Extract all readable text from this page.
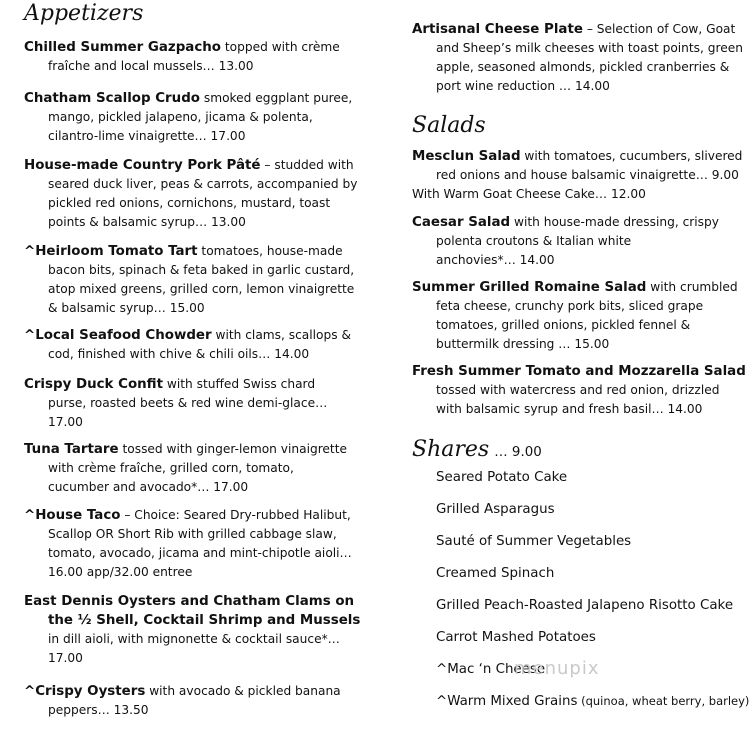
Appetizers
Chilled Summer Gazpacho topped with crème
fraîche and local mussels… 13.00
Chatham Scallop Crudo smoked eggplant puree,
mango, pickled jalapeno, jicama & polenta,
cilantro-lime vinaigrette… 17.00
House-made Country Pork Pâté – studded with
seared duck liver, peas & carrots, accompanied by
pickled red onions, cornichons, mustard, toast
points & balsamic syrup… 13.00
^Heirloom Tomato Tart tomatoes, house-made
bacon bits, spinach & feta baked in garlic custard,
atop mixed greens, grilled corn, lemon vinaigrette
& balsamic syrup… 15.00
^Local Seafood Chowder with clams, scallops &
cod, finished with chive & chili oils… 14.00
Crispy Duck Confit with stuffed Swiss chard
purse, roasted beets & red wine demi-glace…
17.00
Tuna Tartare tossed with ginger-lemon vinaigrette
with crème fraîche, grilled corn, tomato,
cucumber and avocado*… 17.00
^House Taco – Choice: Seared Dry-rubbed Halibut,
Scallop OR Short Rib with grilled cabbage slaw,
tomato, avocado, jicama and mint-chipotle aioli…
16.00 app/32.00 entree
East Dennis Oysters and Chatham Clams on
the ½ Shell, Cocktail Shrimp and Mussels
in dill aioli, with mignonette & cocktail sauce*…
17.00
^Crispy Oysters with avocado & pickled banana
peppers… 13.50
Artisanal Cheese Plate – Selection of Cow, Goat
and Sheep’s milk cheeses with toast points, green
apple, seasoned almonds, pickled cranberries &
port wine reduction … 14.00
Salads
Mesclun Salad with tomatoes, cucumbers, slivered
red onions and house balsamic vinaigrette… 9.00
With Warm Goat Cheese Cake… 12.00
Caesar Salad with house-made dressing, crispy
polenta croutons & Italian white
anchovies*… 14.00
Summer Grilled Romaine Salad with crumbled
feta cheese, crunchy pork bits, sliced grape
tomatoes, grilled onions, pickled fennel &
buttermilk dressing … 15.00
Fresh Summer Tomato and Mozzarella Salad
tossed with watercress and red onion, drizzled
with balsamic syrup and fresh basil… 14.00
Shares … 9.00
Seared Potato Cake
Grilled Asparagus
Sauté of Summer Vegetables
Creamed Spinach
Grilled Peach-Roasted Jalapeno Risotto Cake
Carrot Mashed Potatoes
^Mac ‘n Cheese
^Warm Mixed Grains (quinoa, wheat berry, barley)
menupix
